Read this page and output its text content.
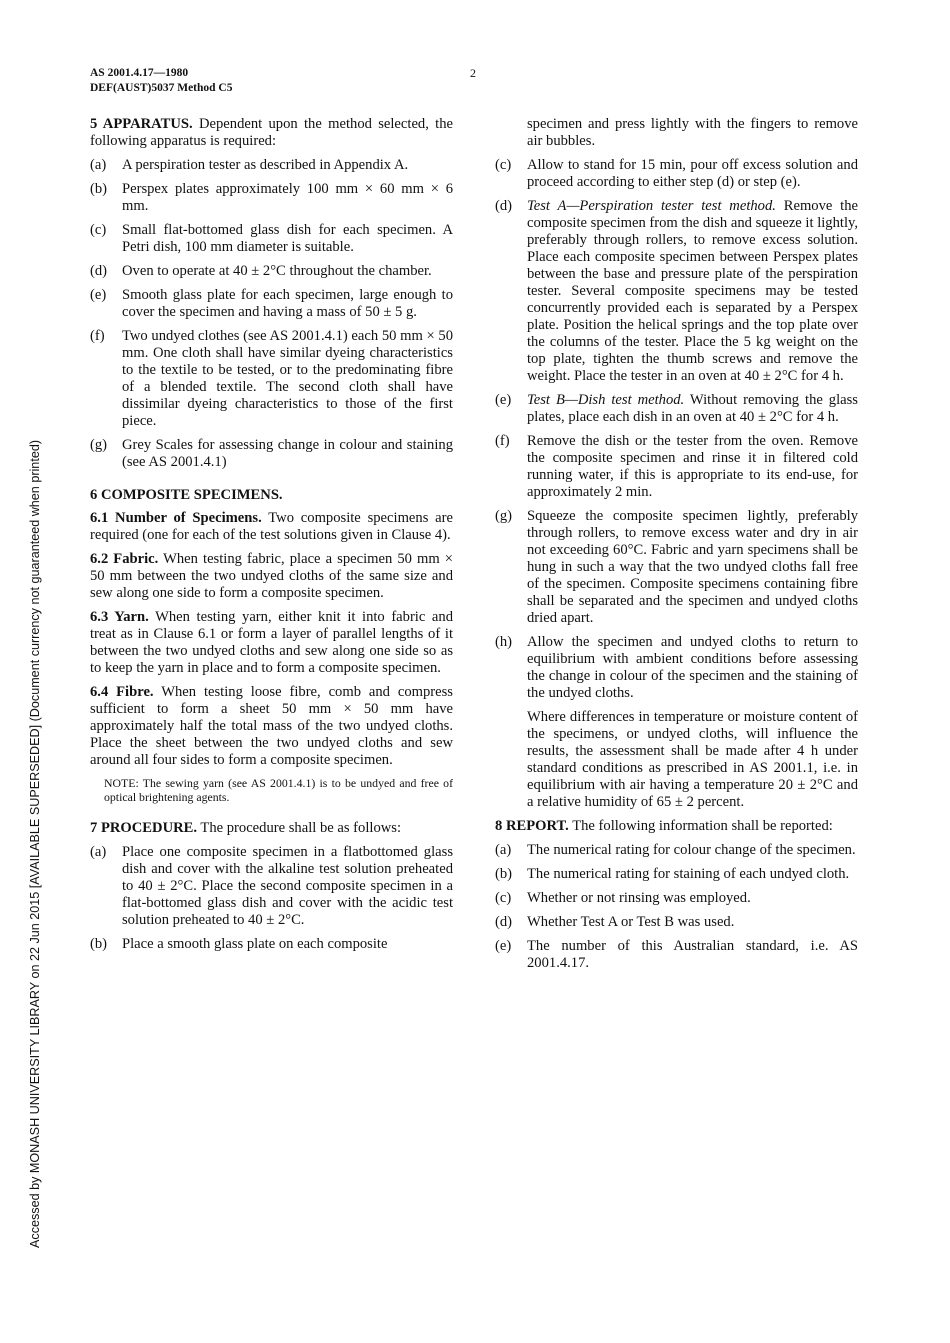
AS 2001.4.17—1980
DEF(AUST)5037 Method C5
2
Accessed by MONASH UNIVERSITY LIBRARY on 22 Jun 2015 [AVAILABLE SUPERSEDED] (Document currency not guaranteed when printed)

5 APPARATUS. Dependent upon the method selected, the following apparatus is required:

(a)	A perspiration tester as described in Appendix A.
(b)	Perspex plates approximately 100 mm × 60 mm × 6 mm.
(c)	Small flat-bottomed glass dish for each specimen. A Petri dish, 100 mm diameter is suitable.
(d)	Oven to operate at 40 ± 2°C throughout the chamber.
(e)	Smooth glass plate for each specimen, large enough to cover the specimen and having a mass of 50 ± 5 g.
(f)	Two undyed clothes (see AS 2001.4.1) each 50 mm × 50 mm. One cloth shall have similar dyeing characteristics to the textile to be tested, or to the predominating fibre of a blended textile. The second cloth shall have dissimilar dyeing characteristics to those of the first piece.
(g)	Grey Scales for assessing change in colour and staining (see AS 2001.4.1)

6 COMPOSITE SPECIMENS.

6.1 Number of Specimens. Two composite specimens are required (one for each of the test solutions given in Clause 4).

6.2 Fabric. When testing fabric, place a specimen 50 mm × 50 mm between the two undyed cloths of the same size and sew along one side to form a composite specimen.

6.3 Yarn. When testing yarn, either knit it into fabric and treat as in Clause 6.1 or form a layer of parallel lengths of it between the two undyed cloths and sew along one side so as to keep the yarn in place and to form a composite specimen.

6.4 Fibre. When testing loose fibre, comb and compress sufficient to form a sheet 50 mm × 50 mm have approximately half the total mass of the two undyed cloths. Place the sheet between the two undyed cloths and sew around all four sides to form a composite specimen.

NOTE: The sewing yarn (see AS 2001.4.1) is to be undyed and free of optical brightening agents.

7 PROCEDURE. The procedure shall be as follows:

(a)	Place one composite specimen in a flatbottomed glass dish and cover with the alkaline test solution preheated to 40 ± 2°C. Place the second composite specimen in a flat-bottomed glass dish and cover with the acidic test solution preheated to 40 ± 2°C.
(b)	Place a smooth glass plate on each composite
specimen and press lightly with the fingers to remove air bubbles.
(c)	Allow to stand for 15 min, pour off excess solution and proceed according to either step (d) or step (e).
(d)	Test A—Perspiration tester test method. Remove the composite specimen from the dish and squeeze it lightly, preferably through rollers, to remove excess solution. Place each composite specimen between Perspex plates between the base and pressure plate of the perspiration tester. Several composite specimens may be tested concurrently provided each is separated by a Perspex plate. Position the helical springs and the top plate over the columns of the tester. Place the 5 kg weight on the top plate, tighten the thumb screws and remove the weight. Place the tester in an oven at 40 ± 2°C for 4 h.
(e)	Test B—Dish test method. Without removing the glass plates, place each dish in an oven at 40 ± 2°C for 4 h.
(f)	Remove the dish or the tester from the oven. Remove the composite specimen and rinse it in filtered cold running water, if this is appropriate to its end-use, for approximately 2 min.
(g)	Squeeze the composite specimen lightly, preferably through rollers, to remove excess water and dry in air not exceeding 60°C. Fabric and yarn specimens shall be hung in such a way that the two undyed cloths fall free of the specimen. Composite specimens containing fibre shall be separated and the specimen and undyed cloths dried apart.
(h)	Allow the specimen and undyed cloths to return to equilibrium with ambient conditions before assessing the change in colour of the specimen and the staining of the undyed cloths.
Where differences in temperature or moisture content of the specimens, or undyed cloths, will influence the results, the assessment shall be made after 4 h under standard conditions as prescribed in AS 2001.1, i.e. in equilibrium with air having a temperature 20 ± 2°C and a relative humidity of 65 ± 2 percent.

8 REPORT. The following information shall be reported:

(a)	The numerical rating for colour change of the specimen.
(b)	The numerical rating for staining of each undyed cloth.
(c)	Whether or not rinsing was employed.
(d)	Whether Test A or Test B was used.
(e)	The number of this Australian standard, i.e. AS 2001.4.17.
